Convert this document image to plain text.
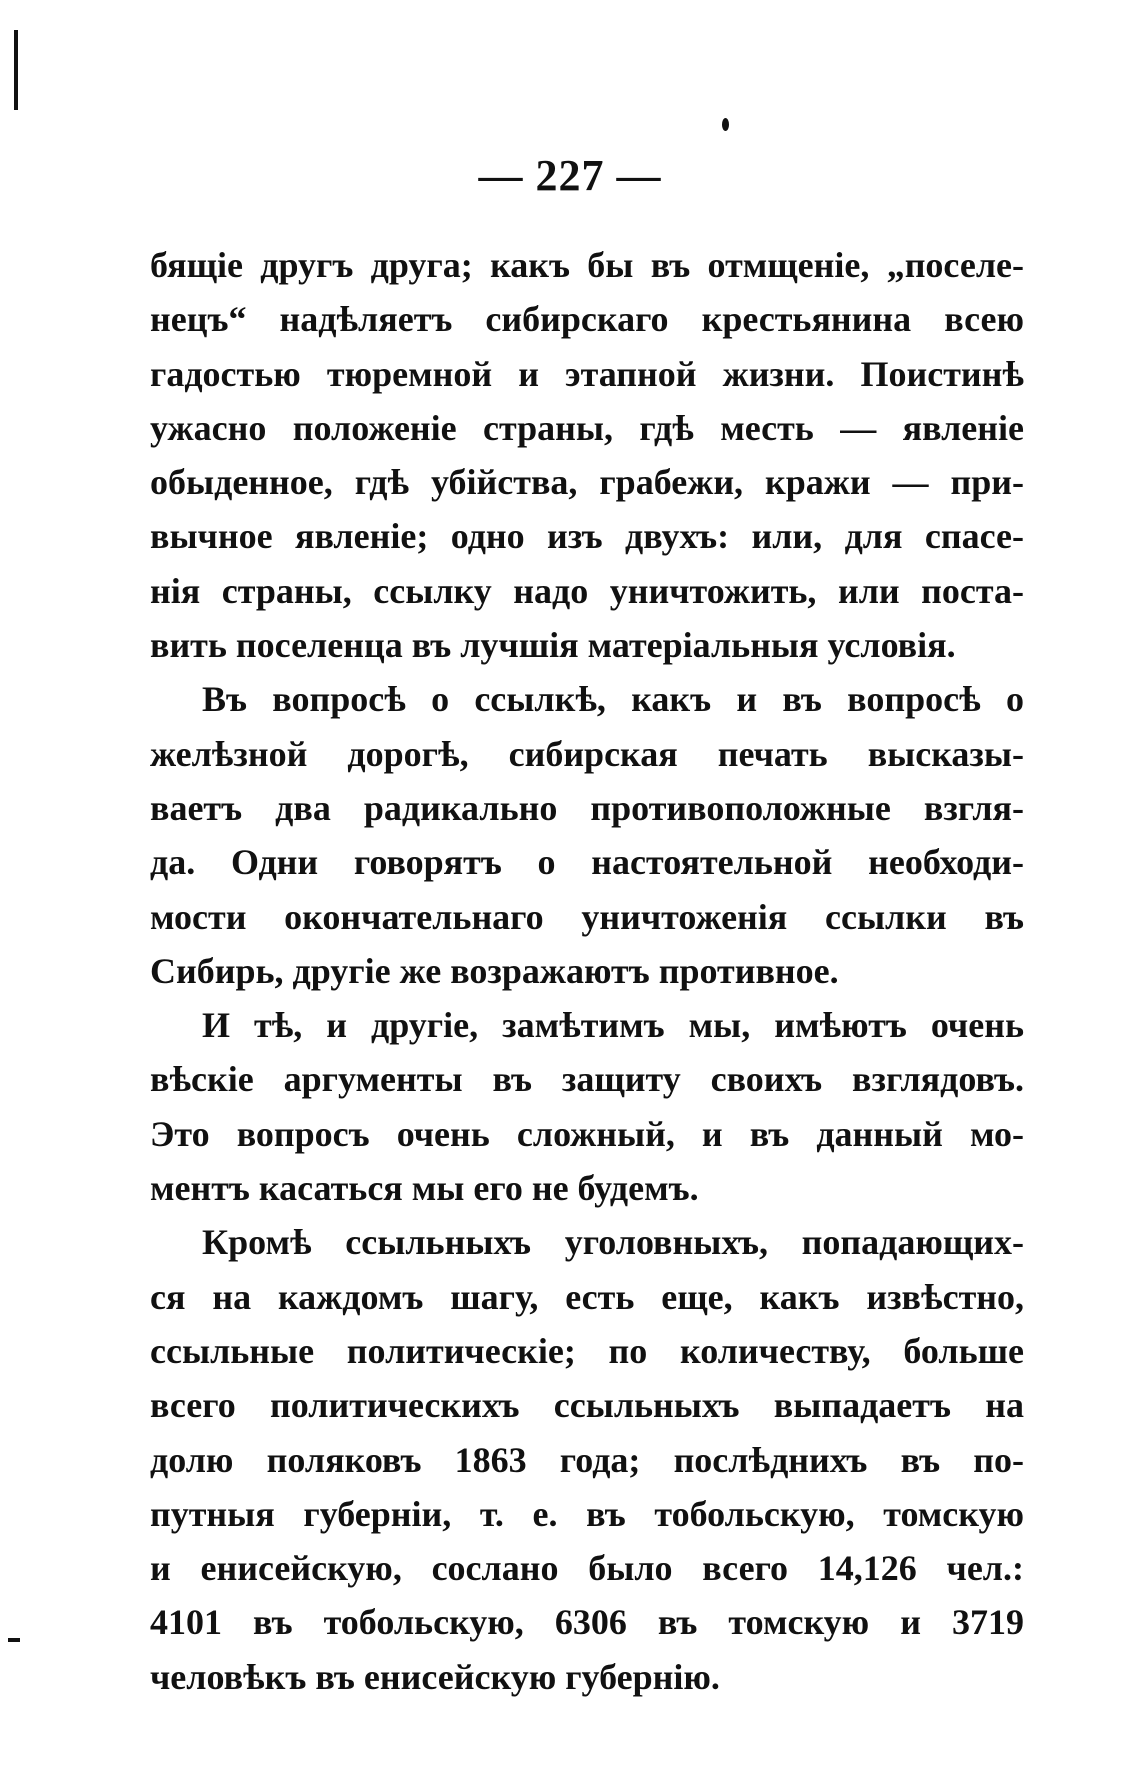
— 227 —
бящіе другъ друга; какъ бы въ отмщеніе, „поселе-
нецъ“ надѣляетъ сибирскаго крестьянина всею
гадостью тюремной и этапной жизни. Поистинѣ
ужасно положеніе страны, гдѣ месть — явленіе
обыденное, гдѣ убійства, грабежи, кражи — при-
вычное явленіе; одно изъ двухъ: или, для спасе-
нія страны, ссылку надо уничтожить, или поста-
вить поселенца въ лучшія матеріальныя условія.
Въ вопросѣ о ссылкѣ, какъ и въ вопросѣ о
желѣзной дорогѣ, сибирская печать высказы-
ваетъ два радикально противоположные взгля-
да. Одни говорятъ о настоятельной необходи-
мости окончательнаго уничтоженія ссылки въ
Сибирь, другіе же возражаютъ противное.
И тѣ, и другіе, замѣтимъ мы, имѣютъ очень
вѣскіе аргументы въ защиту своихъ взглядовъ.
Это вопросъ очень сложный, и въ данный мо-
ментъ касаться мы его не будемъ.
Кромѣ ссыльныхъ уголовныхъ, попадающих-
ся на каждомъ шагу, есть еще, какъ извѣстно,
ссыльные политическіе; по количеству, больше
всего политическихъ ссыльныхъ выпадаетъ на
долю поляковъ 1863 года; послѣднихъ въ по-
путныя губерніи, т. е. въ тобольскую, томскую
и енисейскую, сослано было всего 14,126 чел.:
4101 въ тобольскую, 6306 въ томскую и 3719
человѣкъ въ енисейскую губернію.
